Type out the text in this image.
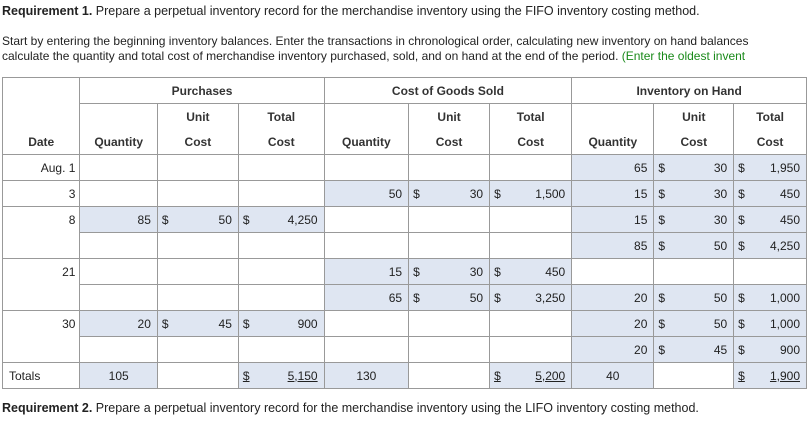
Requirement 1. Prepare a perpetual inventory record for the merchandise inventory using the FIFO inventory costing method.
Start by entering the beginning inventory balances. Enter the transactions in chronological order, calculating new inventory on hand balances
calculate the quantity and total cost of merchandise inventory purchased, sold, and on hand at the end of the period. (Enter the oldest invent
	Purchases					Cost of Goods Sold					Inventory on Hand				
		Unit		Total			Unit		Total			Unit		Total	
Date	Quantity	Cost		Cost		Quantity	Cost		Cost		Quantity	Cost		Cost	
Aug. 1											65	$	30	$	1,950
3						50	$	30	$	1,500	15	$	30	$	450
8	85	$	50	$	4,250						15	$	30	$	450
											85	$	50	$	4,250
21						15	$	30	$	450					
						65	$	50	$	3,250	20	$	50	$	1,000
30	20	$	45	$	900						20	$	50	$	1,000
											20	$	45	$	900
Totals	105			$	5,150	130			$	5,200	40			$	1,900
Requirement 2. Prepare a perpetual inventory record for the merchandise inventory using the LIFO inventory costing method.
